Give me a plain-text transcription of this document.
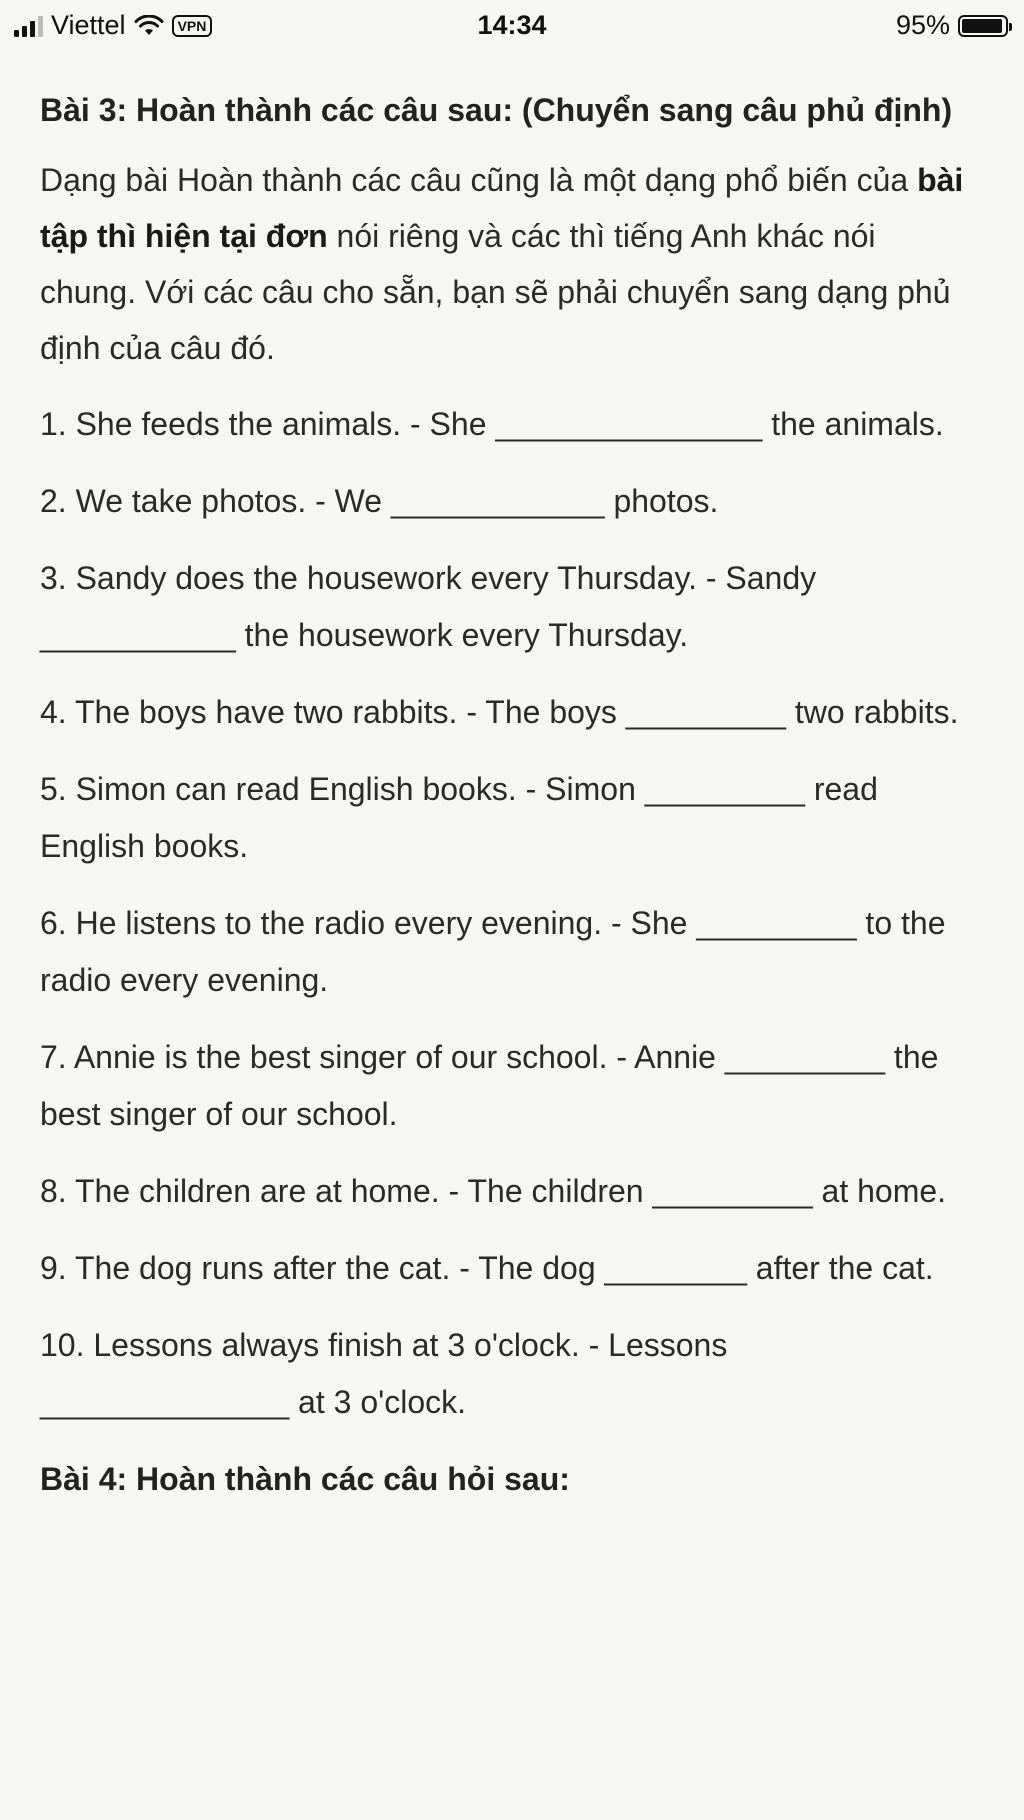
Viettel	VPN	14:34	95%
Bài 3: Hoàn thành các câu sau: (Chuyển sang câu phủ định)
Dạng bài Hoàn thành các câu cũng là một dạng phổ biến của bài tập thì hiện tại đơn nói riêng và các thì tiếng Anh khác nói chung. Với các câu cho sẵn, bạn sẽ phải chuyển sang dạng phủ định của câu đó.
1. She feeds the animals. - She _______________ the animals.
2. We take photos. - We ____________ photos.
3. Sandy does the housework every Thursday. - Sandy ___________ the housework every Thursday.
4. The boys have two rabbits. - The boys _________ two rabbits.
5. Simon can read English books. - Simon _________ read English books.
6. He listens to the radio every evening. - She _________ to the radio every evening.
7. Annie is the best singer of our school. - Annie _________ the best singer of our school.
8. The children are at home. - The children _________ at home.
9. The dog runs after the cat. - The dog ________ after the cat.
10. Lessons always finish at 3 o'clock. - Lessons ______________ at 3 o'clock.
Bài 4: Hoàn thành các câu hỏi sau:
